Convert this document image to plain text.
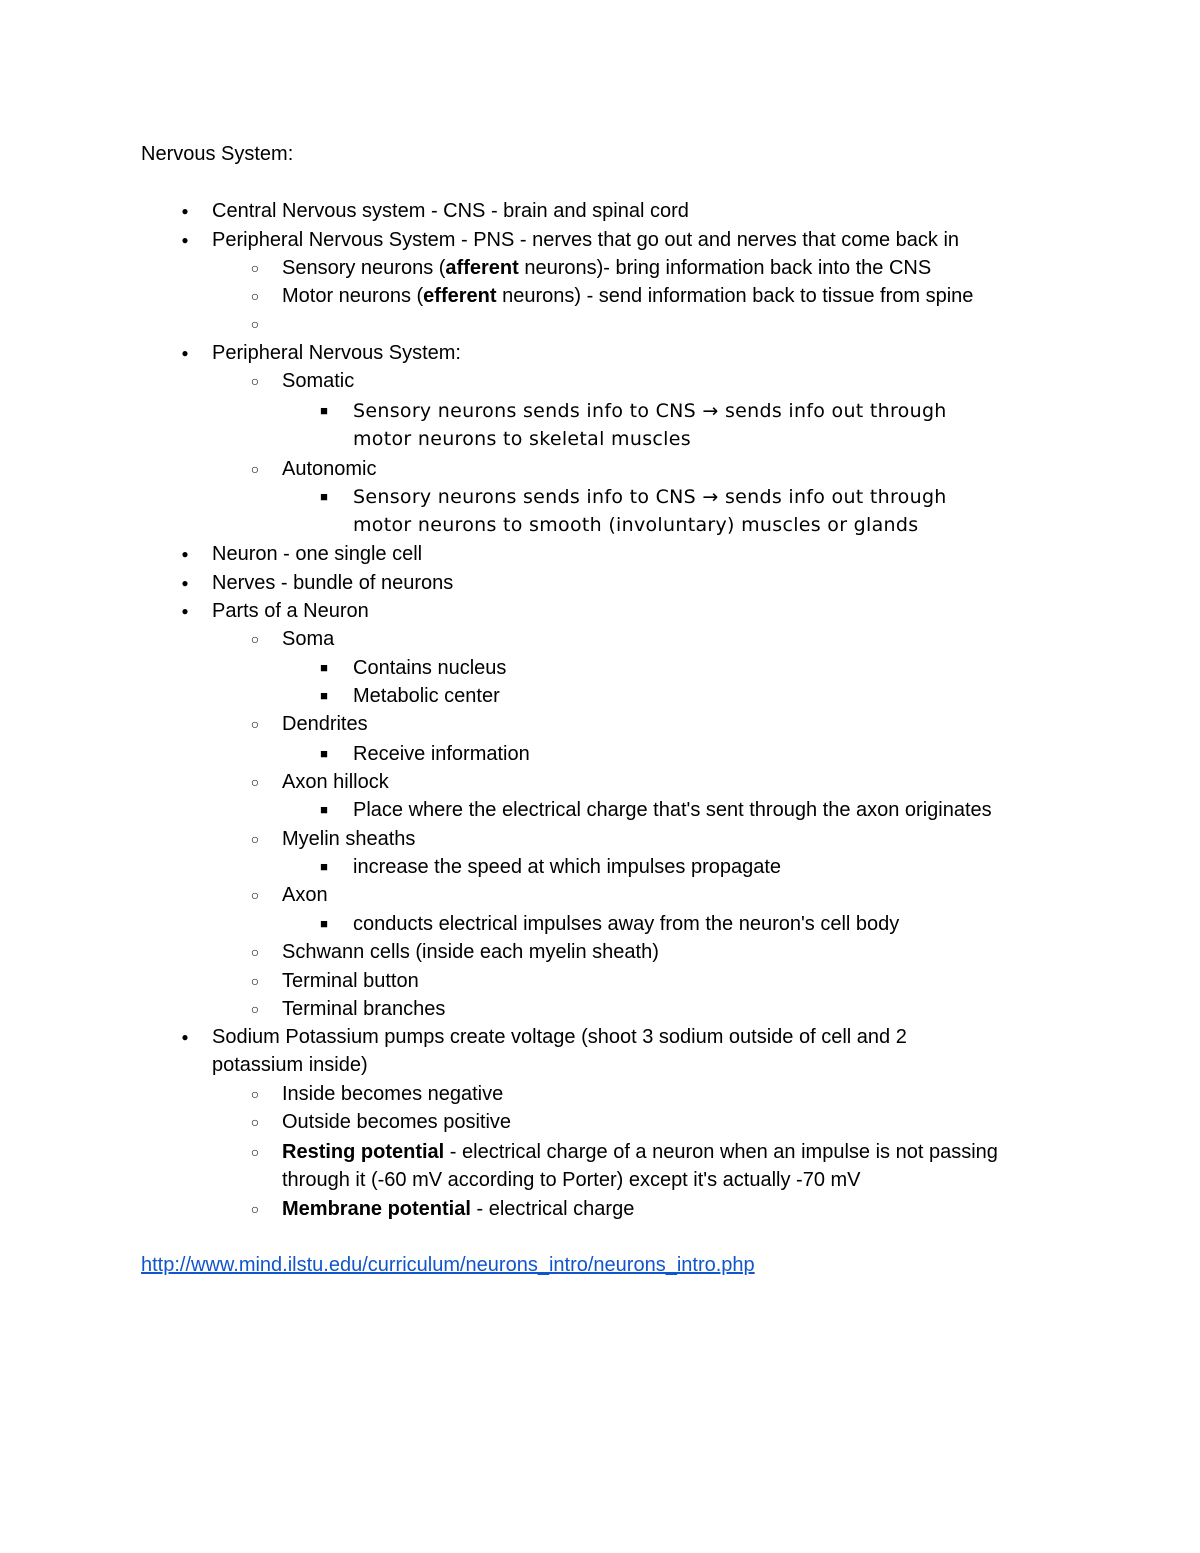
Nervous System:
●	Central Nervous system - CNS - brain and spinal cord
●	Peripheral Nervous System - PNS - nerves that go out and nerves that come back in
○ Sensory neurons (afferent neurons)- bring information back into the CNS
○ Motor neurons (efferent neurons) - send information back to tissue from spine
○
●	Peripheral Nervous System:
○ Somatic
■	Sensory neurons sends info to CNS → sends info out through
motor neurons to skeletal muscles
○ Autonomic
■	Sensory neurons sends info to CNS → sends info out through
motor neurons to smooth (involuntary) muscles or glands
●	Neuron - one single cell
●	Nerves - bundle of neurons
●	Parts of a Neuron
○ Soma
■	Contains nucleus
■	Metabolic center
○ Dendrites
■	Receive information
○ Axon hillock
■	Place where the electrical charge that's sent through the axon originates
○ Myelin sheaths
■	increase the speed at which impulses propagate
○ Axon
■	conducts electrical impulses away from the neuron's cell body
○ Schwann cells (inside each myelin sheath)
○ Terminal button
○ Terminal branches
●	Sodium Potassium pumps create voltage (shoot 3 sodium outside of cell and 2
potassium inside)
○ Inside becomes negative
○ Outside becomes positive
○ Resting potential - electrical charge of a neuron when an impulse is not passing
through it (-60 mV according to Porter) except it's actually -70 mV
○ Membrane potential - electrical charge
http://www.mind.ilstu.edu/curriculum/neurons_intro/neurons_intro.php
